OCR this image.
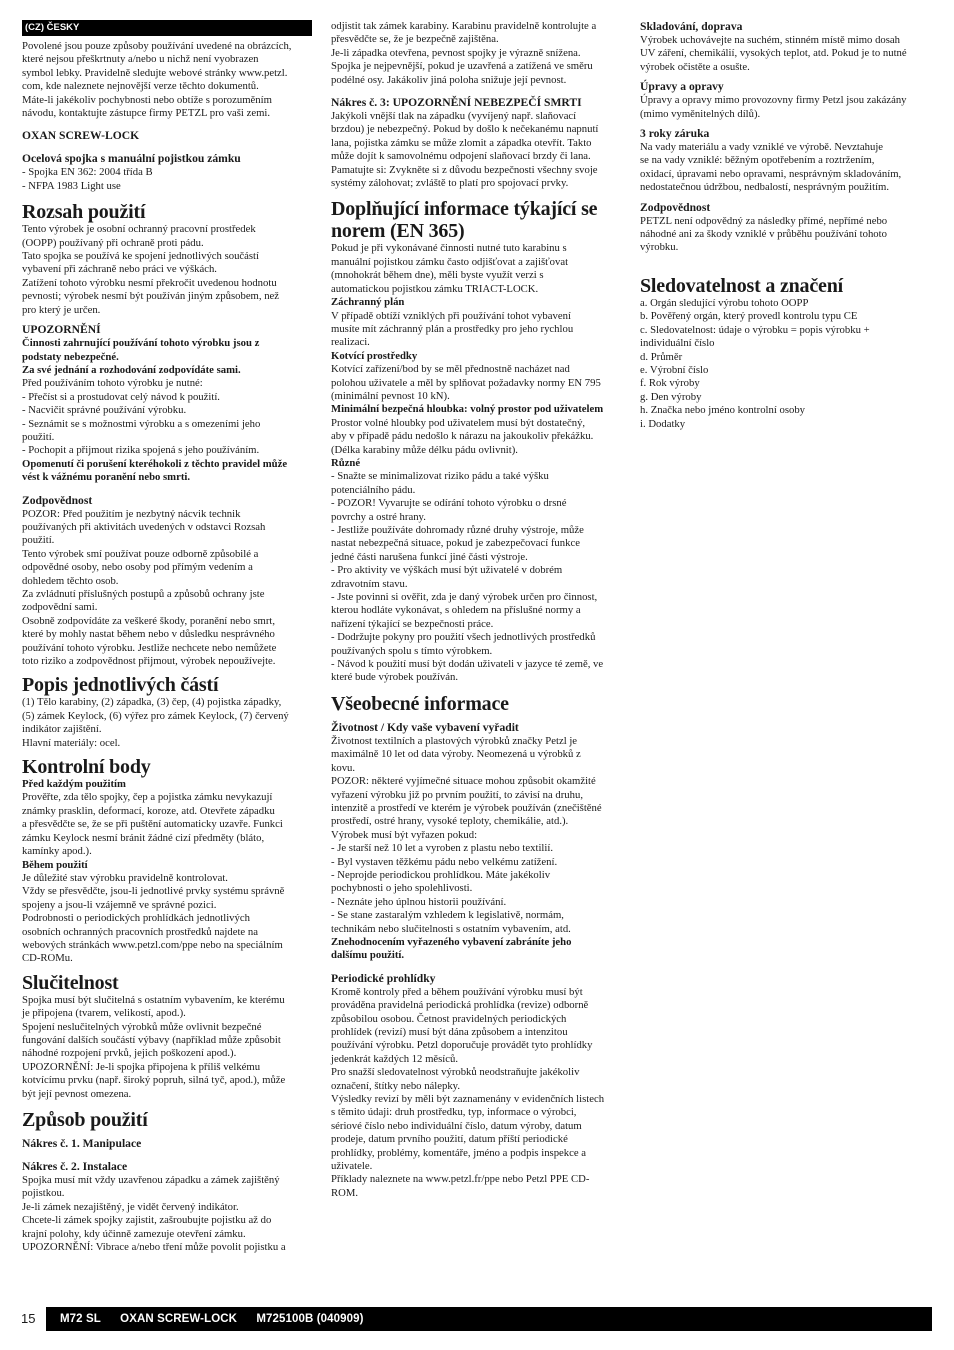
(CZ) ČESKY

Povolené jsou pouze způsoby používání uvedené na obrázcích,

které nejsou přeškrtnuty a/nebo u nichž není vyobrazen

symbol lebky. Pravidelně sledujte webové stránky www.petzl.

com, kde naleznete nejnovější verze těchto dokumentů.

Máte-li jakékoliv pochybnosti nebo obtíže s porozuměním

návodu, kontaktujte zástupce firmy PETZL pro vaši zemi.

OXAN SCREW-LOCK

Ocelová spojka s manuální pojistkou zámku

- Spojka EN 362: 2004 třída B

- NFPA 1983 Light use

Rozsah použití

Tento výrobek je osobní ochranný pracovní prostředek

(OOPP) používaný při ochraně proti pádu.

Tato spojka se používá ke spojení jednotlivých součástí

vybavení při záchraně nebo práci ve výškách.

Zatížení tohoto výrobku nesmí překročit uvedenou hodnotu

pevnosti; výrobek nesmí být používán jiným způsobem, než

pro který je určen.

UPOZORNĚNÍ

Činnosti zahrnující používání tohoto výrobku jsou z

podstaty nebezpečné.

Za své jednání a rozhodování zodpovídáte sami.

Před používáním tohoto výrobku je nutné:

- Přečíst si a prostudovat celý návod k použití.

- Nacvičit správné používání výrobku.

- Seznámit se s možnostmi výrobku a s omezeními jeho

použití.

- Pochopit a přijmout rizika spojená s jeho používáním.

Opomenutí či porušení kteréhokoli z těchto pravidel může

vést k vážnému poranění nebo smrti.

Zodpovědnost

POZOR: Před použitím je nezbytný nácvik technik

používaných při aktivitách uvedených v odstavci Rozsah

použití.

Tento výrobek smí používat pouze odborně způsobilé a

odpovědné osoby, nebo osoby pod přímým vedením a

dohledem těchto osob.

Za zvládnutí příslušných postupů a způsobů ochrany jste

zodpovědní sami.

Osobně zodpovídáte za veškeré škody, poranění nebo smrt,

které by mohly nastat během nebo v důsledku nesprávného

používání tohoto výrobku. Jestliže nechcete nebo nemůžete

toto riziko a zodpovědnost přijmout, výrobek nepoužívejte.

Popis jednotlivých částí

(1) Tělo karabiny, (2) západka, (3) čep, (4) pojistka západky,

(5) zámek Keylock, (6) výřez pro zámek Keylock, (7) červený

indikátor zajištění.

Hlavní materiály: ocel.

Kontrolní body

Před každým použitím

Prověřte, zda tělo spojky, čep a pojistka zámku nevykazují

známky prasklin, deformací, koroze, atd. Otevřete západku

a přesvědčte se, že se při puštění automaticky uzavře. Funkci

zámku Keylock nesmí bránit žádné cizí předměty (bláto,

kamínky apod.).

Během použití

Je důležité stav výrobku pravidelně kontrolovat.

Vždy se přesvědčte, jsou-li jednotlivé prvky systému správně

spojeny a jsou-li vzájemně ve správné pozici.

Podrobnosti o periodických prohlídkách jednotlivých

osobních ochranných pracovních prostředků najdete na

webových stránkách www.petzl.com/ppe nebo na speciálním

CD-ROMu.

Slučitelnost

Spojka musí být slučitelná s ostatním vybavením, ke kterému

je připojena (tvarem, velikostí, apod.).

Spojení neslučitelných výrobků může ovlivnit bezpečné

fungování dalších součástí výbavy (například může způsobit

náhodné rozpojení prvků, jejich poškození apod.).

UPOZORNĚNÍ: Je-li spojka připojena k příliš velkému

kotvícímu prvku (např. široký popruh, silná tyč, apod.), může

být její pevnost omezena.

Způsob použití

Nákres č. 1. Manipulace

Nákres č. 2. Instalace

Spojka musí mít vždy uzavřenou západku a zámek zajištěný

pojistkou.

Je-li zámek nezajištěný, je vidět červený indikátor.

Chcete-li zámek spojky zajistit, zašroubujte pojistku až do

krajní polohy, kdy účinně zamezuje otevření zámku.

UPOZORNĚNÍ: Vibrace a/nebo tření může povolit pojistku a

odjistit tak zámek karabiny. Karabinu pravidelně kontrolujte a

přesvědčte se, že je bezpečně zajištěna.

Je-li západka otevřena, pevnost spojky je výrazně snížena.

Spojka je nejpevnější, pokud je uzavřená a zatížená ve směru

podélné osy. Jakákoliv jiná poloha snižuje její pevnost.

Nákres č. 3: UPOZORNĚNÍ NEBEZPEČÍ SMRTI

Jakýkoli vnější tlak na západku (vyvíjený např. slaňovací

brzdou) je nebezpečný. Pokud by došlo k nečekanému napnutí

lana, pojistka zámku se může zlomit a západka otevřít. Takto

může dojít k samovolnému odpojení slaňovací brzdy či lana.

Pamatujte si: Zvykněte si z důvodu bezpečnosti všechny svoje

systémy zálohovat; zvláště to platí pro spojovací prvky.

Doplňující informace týkající se
norem (EN 365)

Pokud je při vykonávané činnosti nutné tuto karabinu s

manuální pojistkou zámku často odjišťovat a zajišťovat

(mnohokrát během dne), měli byste využít verzi s

automatickou pojistkou zámku TRIACT-LOCK.

Záchranný plán

V případě obtíží vzniklých při používání tohot vybavení

musíte mít záchranný plán a prostředky pro jeho rychlou

realizaci.

Kotvící prostředky

Kotvící zařízení/bod by se měl přednostně nacházet nad

polohou uživatele a měl by splňovat požadavky normy EN 795

(minimální pevnost 10 kN).

Minimální bezpečná hloubka: volný prostor pod uživatelem

Prostor volné hloubky pod uživatelem musí být dostatečný,

aby v případě pádu nedošlo k nárazu na jakoukoliv překážku.

(Délka karabiny může délku pádu ovlivnit).

Různé

- Snažte se minimalizovat riziko pádu a také výšku

potenciálního pádu.

- POZOR! Vyvarujte se odírání tohoto výrobku o drsné

povrchy a ostré hrany.

- Jestliže používáte dohromady různé druhy výstroje, může

nastat nebezpečná situace, pokud je zabezpečovací funkce

jedné části narušena funkcí jiné části výstroje.

- Pro aktivity ve výškách musí být uživatelé v dobrém

zdravotním stavu.

- Jste povinni si ověřit, zda je daný výrobek určen pro činnost,

kterou hodláte vykonávat, s ohledem na příslušné normy a

nařízení týkající se bezpečnosti práce.

- Dodržujte pokyny pro použití všech jednotlivých prostředků

používaných spolu s tímto výrobkem.

- Návod k použití musí být dodán uživateli v jazyce té země, ve

které bude výrobek používán.

Všeobecné informace

Životnost / Kdy vaše vybavení vyřadit

Životnost textilních a plastových výrobků značky Petzl je

maximálně 10 let od data výroby. Neomezená u výrobků z

kovu.

POZOR: některé vyjímečné situace mohou způsobit okamžité

vyřazení výrobku již po prvním použití, to závisí na druhu,

intenzitě a prostředí ve kterém je výrobek používán (znečištěné

prostředí, ostré hrany, vysoké teploty, chemikálie, atd.).

Výrobek musí být vyřazen pokud:

- Je starší než 10 let a vyroben z plastu nebo textilií.

- Byl vystaven těžkému pádu nebo velkému zatížení.

- Neprojde periodickou prohlídkou. Máte jakékoliv

pochybnosti o jeho spolehlivosti.

- Neznáte jeho úplnou historii používání.

- Se stane zastaralým vzhledem k legislativě, normám,

technikám nebo slučitelnosti s ostatním vybavením, atd.

Znehodnocením vyřazeného vybavení zabráníte jeho

dalšímu použití.

Periodické prohlídky

Kromě kontroly před a během používání výrobku musí být

prováděna pravidelná periodická prohlídka (revize) odborně

způsobilou osobou. Četnost pravidelných periodických

prohlídek (revizí) musí být dána způsobem a intenzitou

používání výrobku. Petzl doporučuje provádět tyto prohlídky

jedenkrát každých 12 měsíců.

Pro snažší sledovatelnost výrobků neodstraňujte jakékoliv

označení, štítky nebo nálepky.

Výsledky revizí by měli být zaznamenány v evidenčních listech

s těmito údaji: druh prostředku, typ, informace o výrobci,

sériové číslo nebo individuální číslo, datum výroby, datum

prodeje, datum prvního použití, datum příští periodické

prohlídky, problémy, komentáře, jméno a podpis inspekce a

uživatele.

Příklady naleznete na www.petzl.fr/ppe nebo Petzl PPE CD-

ROM.

Skladování, doprava

Výrobek uchovávejte na suchém, stinném místě mimo dosah

UV záření, chemikálií, vysokých teplot, atd. Pokud je to nutné

výrobek očistěte a osušte.

Úpravy a opravy

Úpravy a opravy mimo provozovny firmy Petzl jsou zakázány

(mimo vyměnitelných dílů).

3 roky záruka

Na vady materiálu a vady vzniklé ve výrobě. Nevztahuje

se na vady vzniklé: běžným opotřebením a roztržením,

oxidací, úpravami nebo opravami, nesprávným skladováním,

nedostatečnou údržbou, nedbalostí, nesprávným použitím.

Zodpovědnost

PETZL není odpovědný za následky přímé, nepřímé nebo

náhodné ani za škody vzniklé v průběhu používání tohoto

výrobku.

Sledovatelnost a značení

a. Orgán sledující výrobu tohoto OOPP

b. Pověřený orgán, který provedl kontrolu typu CE

c. Sledovatelnost: údaje o výrobku = popis výrobku +

individuální číslo

d. Průměr

e. Výrobní číslo

f. Rok výroby

g. Den výroby

h. Značka nebo jméno kontrolní osoby

i. Dodatky

15	M72 SL OXAN SCREW-LOCK M725100B (040909)
